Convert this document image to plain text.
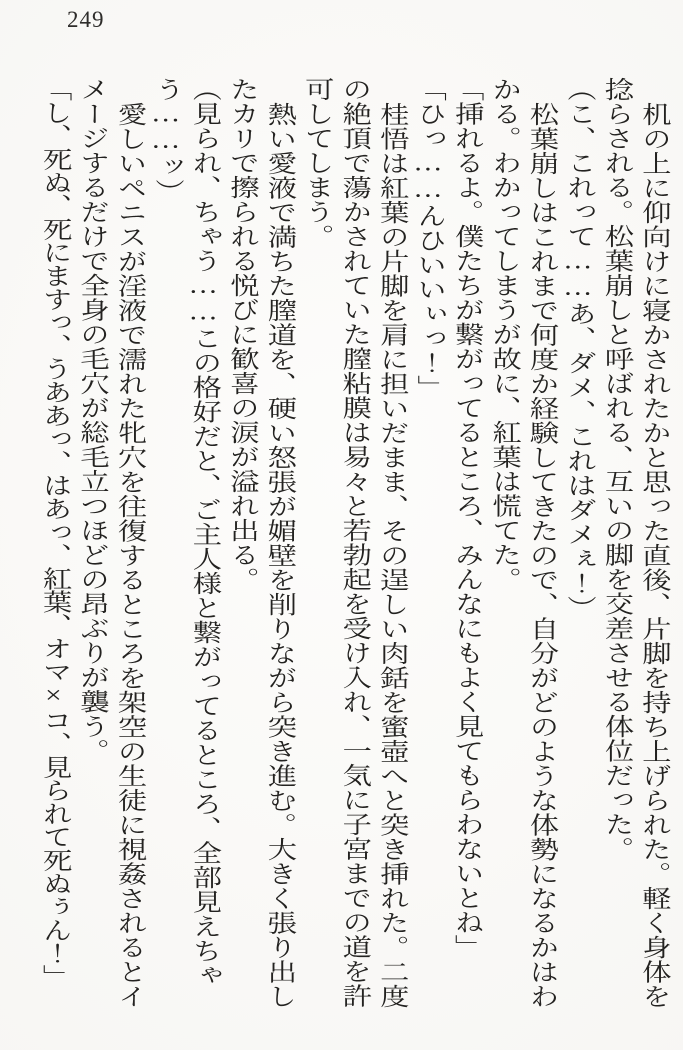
249

机の上に仰向けに寝かされたかと思った直後、片脚を持ち上げられた。軽く身体を捻らされる。松葉崩しと呼ばれる、互いの脚を交差させる体位だった。

（こ、これって……あ、ダメ、これはダメぇ！）

松葉崩しはこれまで何度か経験してきたので、自分がどのような体勢になるかはわかる。わかってしまうが故に、紅葉は慌てた。

「挿れるよ。僕たちが繋がってるところ、みんなにもよく見てもらわないとね」

「ひっ……んひいいぃっ！」

桂悟は紅葉の片脚を肩に担いだまま、その逞しい肉銛を蜜壺へと突き挿れた。二度の絶頂で蕩かされていた膣粘膜は易々と若勃起を受け入れ、一気に子宮までの道を許可してしまう。

熱い愛液で満ちた膣道を、硬い怒張が媚壁を削りながら突き進む。大きく張り出したカリで擦られる悦びに歓喜の涙が溢れ出る。

（見られ、ちゃう……この格好だと、ご主人様と繋がってるところ、全部見えちゃう……ッ）

愛しいペニスが淫液で濡れた牝穴を往復するところを架空の生徒に視姦されるとイメージするだけで全身の毛穴が総毛立つほどの昂ぶりが襲う。

「し、死ぬ、死にますっ、うああっ、はあっ、紅葉、オマ×コ、見られて死ぬぅん！」
